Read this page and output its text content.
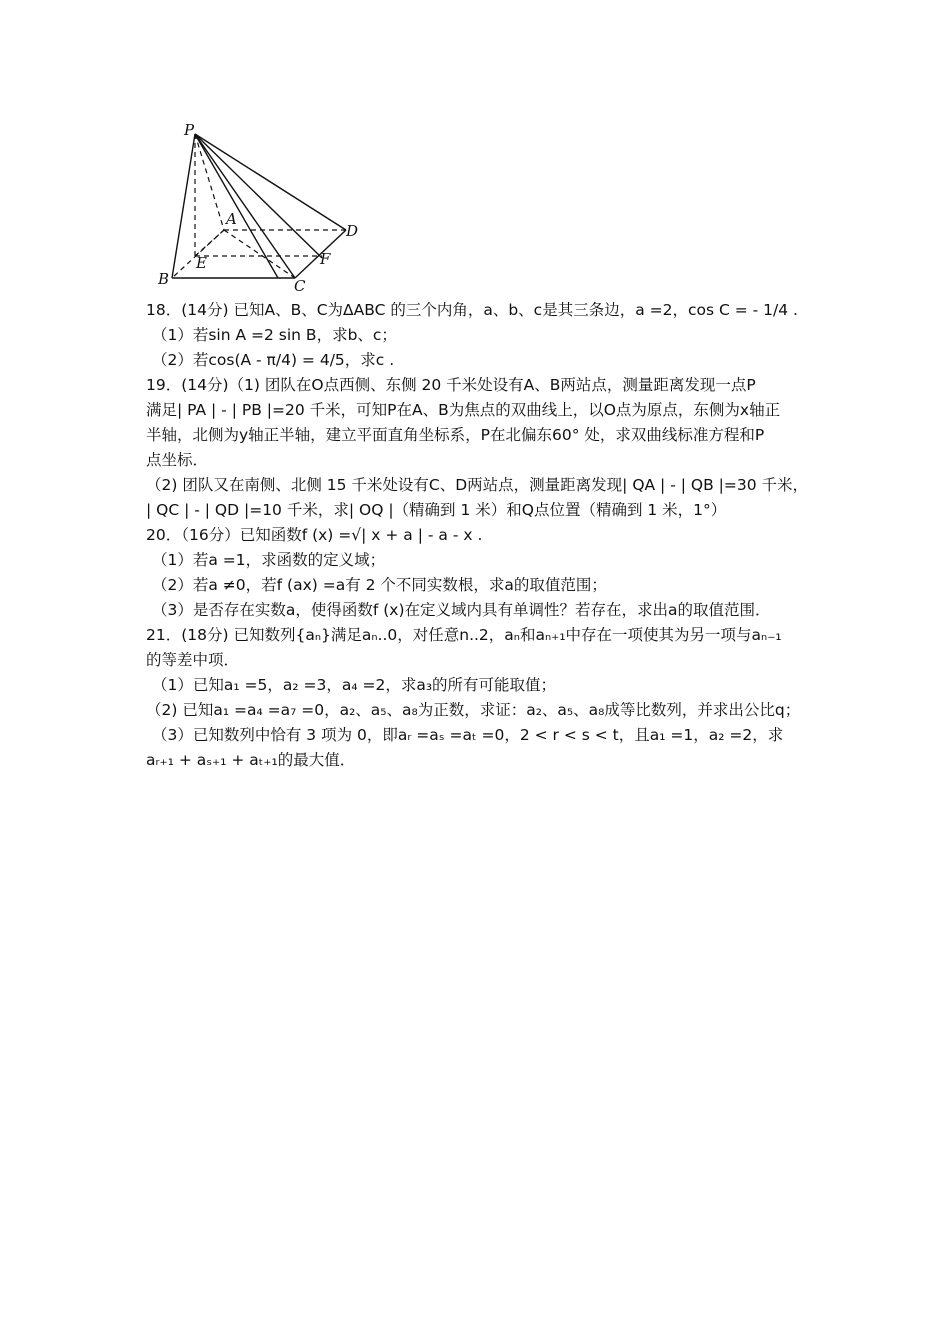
P
A
D
E	F
B	C
18．(14分) 已知A、B、C为ΔABC 的三个内角，a、b、c是其三条边，a =2，cos C = - 1/4 .
（1）若sin A =2 sin B，求b、c；
（2）若cos(A - π/4) = 4/5，求c .
19．(14分)（1) 团队在O点西侧、东侧 20 千米处设有A、B两站点，测量距离发现一点P
满足| PA | - | PB |=20 千米，可知P在A、B为焦点的双曲线上，以O点为原点，东侧为x轴正
半轴，北侧为y轴正半轴，建立平面直角坐标系，P在北偏东60° 处，求双曲线标准方程和P
点坐标．
（2) 团队又在南侧、北侧 15 千米处设有C、D两站点，测量距离发现| QA | - | QB |=30 千米，
| QC | - | QD |=10 千米，求| OQ |（精确到 1 米）和Q点位置（精确到 1 米，1°）
20．（16分）已知函数f (x) =√| x + a | - a - x .
（1）若a =1，求函数的定义域；
（2）若a ≠0，若f (ax) =a有 2 个不同实数根，求a的取值范围；
（3）是否存在实数a，使得函数f (x)在定义域内具有单调性？若存在，求出a的取值范围．
21．(18分) 已知数列{aₙ}满足aₙ..0，对任意n..2，aₙ和aₙ₊₁中存在一项使其为另一项与aₙ₋₁
的等差中项．
（1）已知a₁ =5，a₂ =3，a₄ =2，求a₃的所有可能取值；
（2) 已知a₁ =a₄ =a₇ =0，a₂、a₅、a₈为正数，求证：a₂、a₅、a₈成等比数列，并求出公比q；
（3）已知数列中恰有 3 项为 0，即aᵣ =aₛ =aₜ =0，2 < r < s < t，且a₁ =1，a₂ =2，求
aᵣ₊₁ + aₛ₊₁ + aₜ₊₁的最大值．
